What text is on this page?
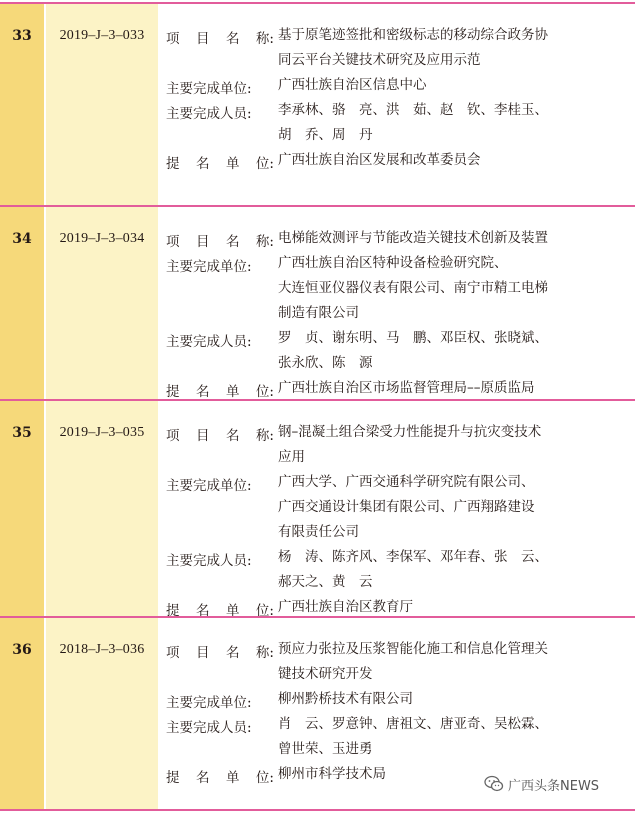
33	2019–J–3–033	项 目 名 称: 基于原笔迹签批和密级标志的移动综合政务协
同云平台关键技术研究及应用示范
主要完成单位:	广西壮族自治区信息中心
主要完成人员:	李承林、骆　亮、洪　茹、赵　钦、李桂玉、
胡　乔、周　丹
提 名 单 位: 广西壮族自治区发展和改革委员会
34	2019–J–3–034	项 目 名 称: 电梯能效测评与节能改造关键技术创新及装置
主要完成单位:	广西壮族自治区特种设备检验研究院、
大连恒亚仪器仪表有限公司、南宁市精工电梯
制造有限公司
主要完成人员:	罗　贞、谢东明、马　鹏、邓臣权、张晓斌、
张永欣、陈　源
提 名 单 位: 广西壮族自治区市场监督管理局––原质监局
35	2019–J–3–035	项 目 名 称: 钢–混凝土组合梁受力性能提升与抗灾变技术
应用
主要完成单位:	广西大学、广西交通科学研究院有限公司、
广西交通设计集团有限公司、广西翔路建设
有限责任公司
主要完成人员:	杨　涛、陈齐风、李保军、邓年春、张　云、
郝天之、黄　云
提 名 单 位: 广西壮族自治区教育厅
36	2018–J–3–036	项 目 名 称: 预应力张拉及压浆智能化施工和信息化管理关
键技术研究开发
主要完成单位:	柳州黔桥技术有限公司
主要完成人员:	肖　云、罗意钟、唐祖文、唐亚奇、吴松霖、
曾世荣、玉进勇
提 名 单 位: 柳州市科学技术局
广西头条NEWS
